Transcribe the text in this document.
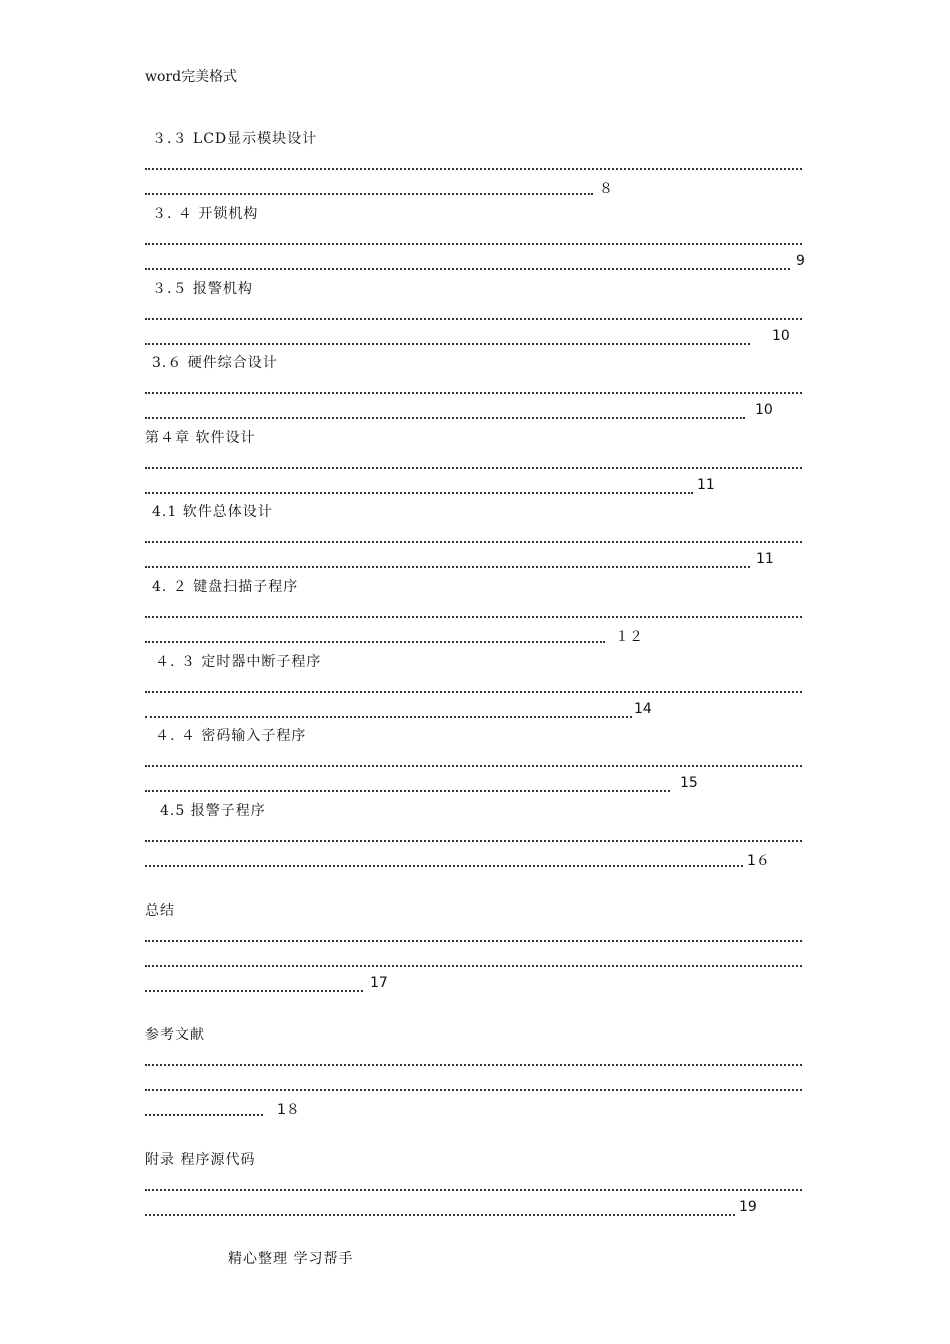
word完美格式
３.３ LCD显示模块设计
８
３. ４ 开锁机构
9
３.５ 报警机构
10
3.６ 硬件综合设计
10
第４章 软件设计
11
4.1 软件总体设计
11
4. ２ 键盘扫描子程序
１２
４. ３ 定时器中断子程序
14
４. ４ 密码输入子程序
15
4.5 报警子程序
1６
总结
17
参考文献
1８
附录 程序源代码
19
精心整理 学习帮手
